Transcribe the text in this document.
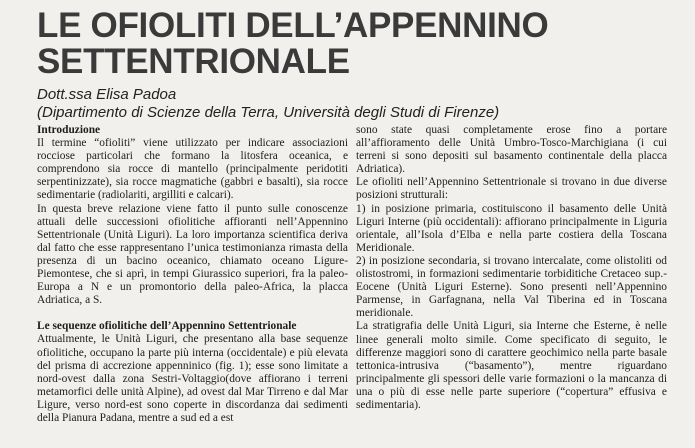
LE OFIOLITI DELL’APPENNINO
SETTENTRIONALE
Dott.ssa Elisa Padoa
(Dipartimento di Scienze della Terra, Università degli Studi di Firenze)
Introduzione

Il termine “ofioliti” viene utilizzato per indicare associazioni rocciose particolari che formano la litosfera oceanica, e comprendono sia rocce di mantello (principalmente peridotiti serpentinizzate), sia rocce magmatiche (gabbri e basalti), sia rocce sedimentarie (radiolariti, argilliti e calcari).

In questa breve relazione viene fatto il punto sulle conoscenze attuali delle successioni ofiolitiche affioranti nell’Appennino Settentrionale (Unità Liguri). La loro importanza scientifica deriva dal fatto che esse rappresentano l’unica testimonianza rimasta della presenza di un bacino oceanico, chiamato oceano Ligure-Piemontese, che si aprì, in tempi Giurassico superiori, fra la paleo-Europa a N e un promontorio della paleo-Africa, la placca Adriatica, a S.

Le sequenze ofiolitiche dell’Appennino Settentrionale

Attualmente, le Unità Liguri, che presentano alla base sequenze ofiolitiche, occupano la parte più interna (occidentale) e più elevata del prisma di accrezione appenninico (fig. 1); esse sono limitate a nord-ovest dalla zona Sestri-Voltaggio(dove affiorano i terreni metamorfici delle unità Alpine), ad ovest dal Mar Tirreno e dal Mar Ligure, verso nord-est sono coperte in discordanza dai sedimenti della Pianura Padana, mentre a sud ed a est

sono state quasi completamente erose fino a portare all’affioramento delle Unità Umbro-Tosco-Marchigiana (i cui terreni si sono depositi sul basamento continentale della placca Adriatica).

Le ofioliti nell’Appennino Settentrionale si trovano in due diverse posizioni strutturali:

1) in posizione primaria, costituiscono il basamento delle Unità Liguri Interne (più occidentali): affiorano principalmente in Liguria orientale, all’Isola d’Elba e nella parte costiera della Toscana Meridionale.

2) in posizione secondaria, si trovano intercalate, come olistoliti od olistostromi, in formazioni sedimentarie torbiditiche Cretaceo sup.-Eocene (Unità Liguri Esterne). Sono presenti nell’Appennino Parmense, in Garfagnana, nella Val Tiberina ed in Toscana meridionale.

La stratigrafia delle Unità Liguri, sia Interne che Esterne, è nelle linee generali molto simile. Come specificato di seguito, le differenze maggiori sono di carattere geochimico nella parte basale tettonica-intrusiva (“basamento”), mentre riguardano principalmente gli spessori delle varie formazioni o la mancanza di una o più di esse nelle parte superiore (“copertura” effusiva e sedimentaria).
